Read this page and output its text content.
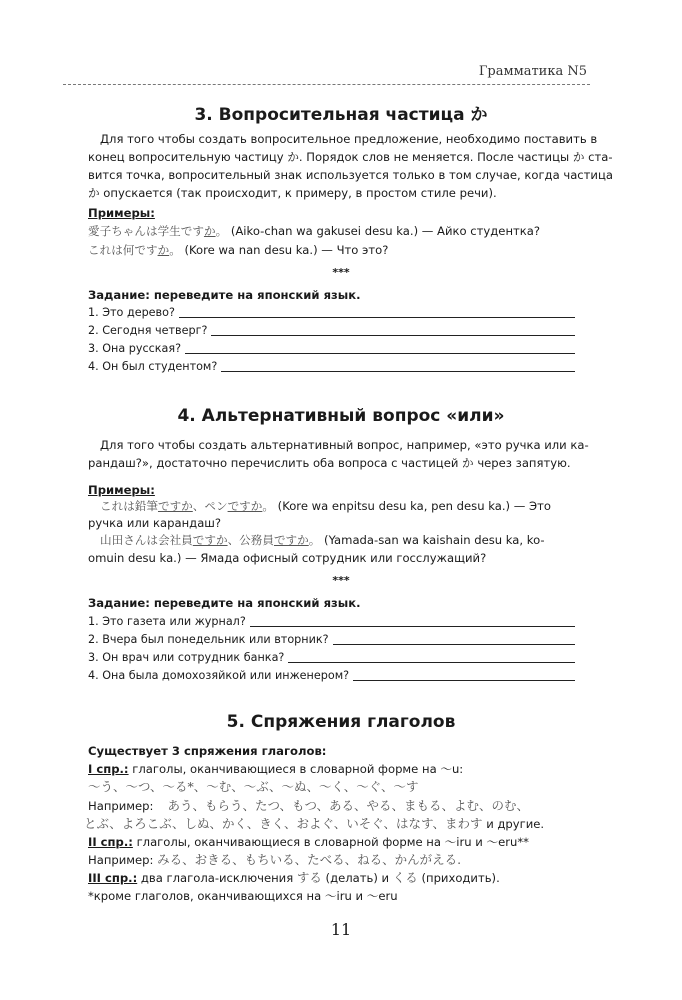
Грамматика N5
3. Вопросительная частица か
Для того чтобы создать вопросительное предложение, необходимо поставить в
конец вопросительную частицу か. Порядок слов не меняется. После частицы か ста-
вится точка, вопросительный знак используется только в том случае, когда частица
か опускается (так происходит, к примеру, в простом стиле речи).
Примеры:
愛子ちゃんは学生ですか。 (Aiko-chan wa gakusei desu ka.) — Айко студентка?
これは何ですか。 (Kore wa nan desu ka.) — Что это?
***
Задание: переведите на японский язык.
1. Это дерево?
2. Сегодня четверг?
3. Она русская?
4. Он был студентом?
4. Альтернативный вопрос «или»
Для того чтобы создать альтернативный вопрос, например, «это ручка или ка-
рандаш?», достаточно перечислить оба вопроса с частицей か через запятую.
Примеры:
これは鉛筆ですか、ペンですか。 (Kore wa enpitsu desu ka, pen desu ka.) — Это
ручка или карандаш?
山田さんは会社員ですか、公務員ですか。 (Yamada-san wa kaishain desu ka, ko-
omuin desu ka.) — Ямада офисный сотрудник или госслужащий?
***
Задание: переведите на японский язык.
1. Это газета или журнал?
2. Вчера был понедельник или вторник?
3. Он врач или сотрудник банка?
4. Она была домохозяйкой или инженером?
5. Спряжения глаголов
Существует 3 спряжения глаголов:
I спр.: глаголы, оканчивающиеся в словарной форме на ～u:
～う、～つ、～る*、～む、～ぶ、～ぬ、～く、～ぐ、～す
Например: あう、もらう、たつ、もつ、ある、やる、まもる、よむ、のむ、
とぶ、よろこぶ、しぬ、かく、きく、およぐ、いそぐ、はなす、まわす и другие.
II спр.: глаголы, оканчивающиеся в словарной форме на ～iru и ～eru**
Например: みる、おきる、もちいる、たべる、ねる、かんがえる.
III спр.: два глагола-исключения する (делать) и くる (приходить).
*кроме глаголов, оканчивающихся на ～iru и ～eru
11
